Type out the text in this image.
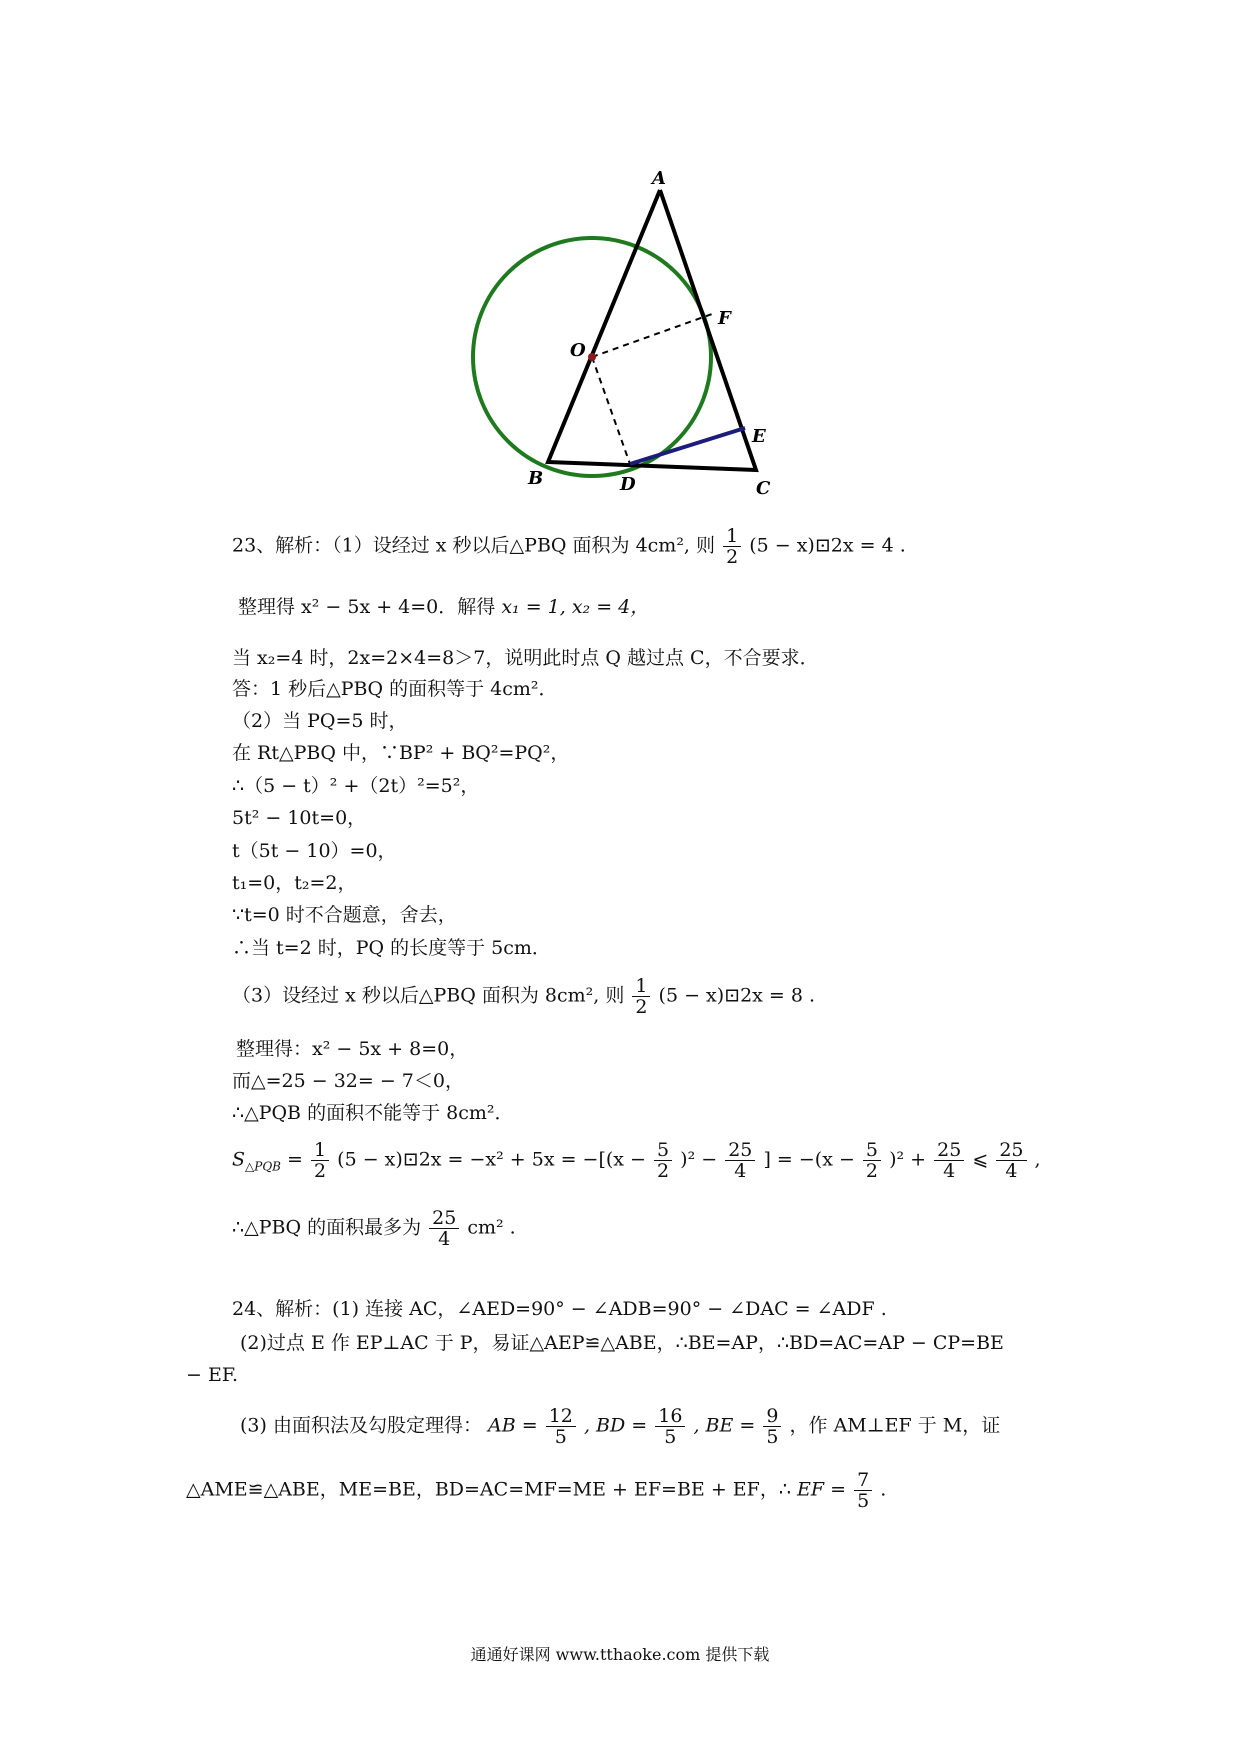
A
B	C
D
E
F
O
23、解析：（1）设经过 x 秒以后△PBQ 面积为 4cm², 则 $\frac{1}{2} (5$ − x)⊡2x = 4 .
整理得 x² − 5x + 4=0．解得 x₁ = 1, x₂ = 4，
当 x₂=4 时，2x=2×4=8＞7，说明此时点 Q 越过点 C，不合要求．
答：1 秒后△PBQ 的面积等于 4cm²．
（2）当 PQ=5 时，
在 Rt△PBQ 中，∵BP² + BQ²=PQ²，
∴（5 − t）² +（2t）²=5²，
5t² − 10t=0，
t（5t − 10）=0，
t₁=0，t₂=2，
∵t=0 时不合题意，舍去，
∴当 t=2 时，PQ 的长度等于 5cm．
（3）设经过 x 秒以后△PBQ 面积为 8cm², 则 $\frac{1}{2} (5$ − x)⊡2x = 8 .
整理得：x² − 5x + 8=0，
而△=25 − 32= − 7＜0，
∴△PQB 的面积不能等于 8cm²．
$S_{\triangle PQB} = \frac{1}{2} (5$ − x)⊡2x = $-x^2 + 5x = -[(x - \frac{5}{2} )^2 - \frac{25}{4}$ ] = $-(x - \frac{5}{2} )^2 + \frac{25}{4}$ ⩽ $\frac{25}{4}$ ,
∴△PBQ 的面积最多为 $\frac{25}{4} cm^2$ .
24、解析：(1) 连接 AC，∠AED=90° − ∠ADB=90° − ∠DAC = ∠ADF .
(2)过点 E 作 EP⊥AC 于 P，易证△AEP≌△ABE，∴BE=AP，∴BD=AC=AP − CP=BE
− EF.
(3) 由面积法及勾股定理得： AB = $\frac{12}{5}$ , BD = $\frac{16}{5}$ , BE = $\frac{9}{5}$ ，作 AM⊥EF 于 M，证
△AME≌△ABE，ME=BE，BD=AC=MF=ME + EF=BE + EF，∴ EF = $\frac{7}{5}$ .
通通好课网 www.tthaoke.com 提供下载
